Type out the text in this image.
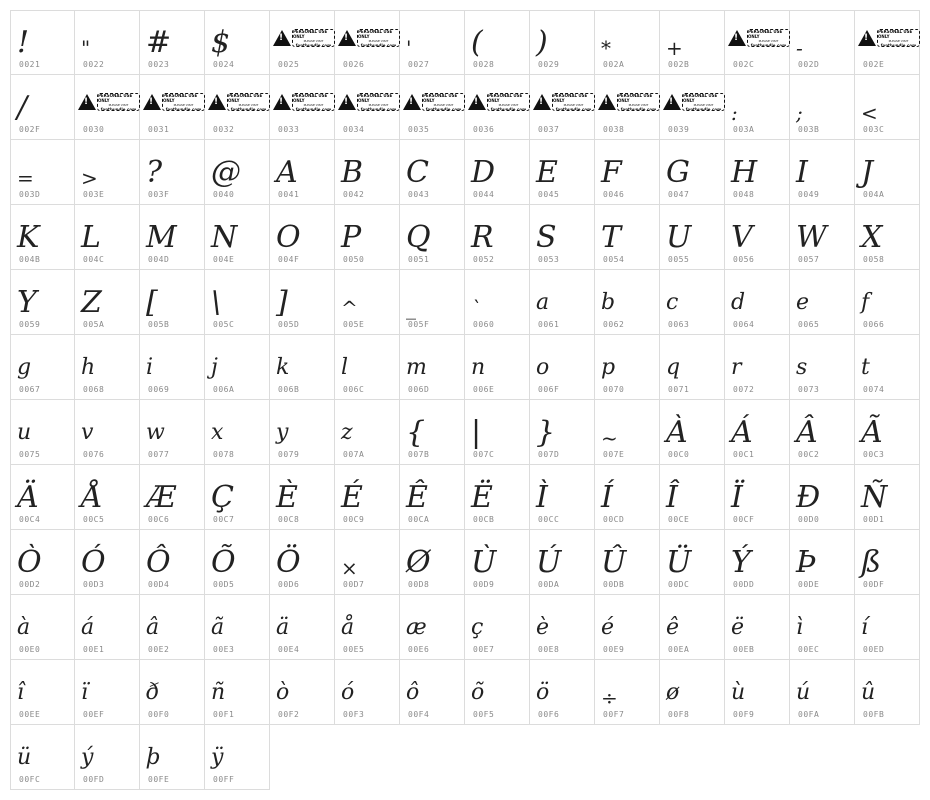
!
0021
"
0022
#
0023
$
0024
!
PERSONAL USE ONLY
PLEASE VISIT
fontbundle.com
0025
!
PERSONAL USE ONLY
PLEASE VISIT
fontbundle.com
0026
'
0027
(
0028
)
0029
*
002A
+
002B
!
PERSONAL USE ONLY
PLEASE VISIT
fontbundle.com
002C
-
002D
!
PERSONAL USE ONLY
PLEASE VISIT
fontbundle.com
002E
/
002F
!
PERSONAL USE ONLY
PLEASE VISIT
fontbundle.com
0030
!
PERSONAL USE ONLY
PLEASE VISIT
fontbundle.com
0031
!
PERSONAL USE ONLY
PLEASE VISIT
fontbundle.com
0032
!
PERSONAL USE ONLY
PLEASE VISIT
fontbundle.com
0033
!
PERSONAL USE ONLY
PLEASE VISIT
fontbundle.com
0034
!
PERSONAL USE ONLY
PLEASE VISIT
fontbundle.com
0035
!
PERSONAL USE ONLY
PLEASE VISIT
fontbundle.com
0036
!
PERSONAL USE ONLY
PLEASE VISIT
fontbundle.com
0037
!
PERSONAL USE ONLY
PLEASE VISIT
fontbundle.com
0038
!
PERSONAL USE ONLY
PLEASE VISIT
fontbundle.com
0039
:
003A
;
003B
<
003C
=
003D
>
003E
?
003F
@
0040
A
0041
B
0042
C
0043
D
0044
E
0045
F
0046
G
0047
H
0048
I
0049
J
004A
K
004B
L
004C
M
004D
N
004E
O
004F
P
0050
Q
0051
R
0052
S
0053
T
0054
U
0055
V
0056
W
0057
X
0058
Y
0059
Z
005A
[
005B
\
005C
]
005D
^
005E
_
005F
`
0060
a
0061
b
0062
c
0063
d
0064
e
0065
f
0066
g
0067
h
0068
i
0069
j
006A
k
006B
l
006C
m
006D
n
006E
o
006F
p
0070
q
0071
r
0072
s
0073
t
0074
u
0075
v
0076
w
0077
x
0078
y
0079
z
007A
{
007B
|
007C
}
007D
~
007E
À
00C0
Á
00C1
Â
00C2
Ã
00C3
Ä
00C4
Å
00C5
Æ
00C6
Ç
00C7
È
00C8
É
00C9
Ê
00CA
Ë
00CB
Ì
00CC
Í
00CD
Î
00CE
Ï
00CF
Ð
00D0
Ñ
00D1
Ò
00D2
Ó
00D3
Ô
00D4
Õ
00D5
Ö
00D6
×
00D7
Ø
00D8
Ù
00D9
Ú
00DA
Û
00DB
Ü
00DC
Ý
00DD
Þ
00DE
ß
00DF
à
00E0
á
00E1
â
00E2
ã
00E3
ä
00E4
å
00E5
æ
00E6
ç
00E7
è
00E8
é
00E9
ê
00EA
ë
00EB
ì
00EC
í
00ED
î
00EE
ï
00EF
ð
00F0
ñ
00F1
ò
00F2
ó
00F3
ô
00F4
õ
00F5
ö
00F6
÷
00F7
ø
00F8
ù
00F9
ú
00FA
û
00FB
ü
00FC
ý
00FD
þ
00FE
ÿ
00FF
